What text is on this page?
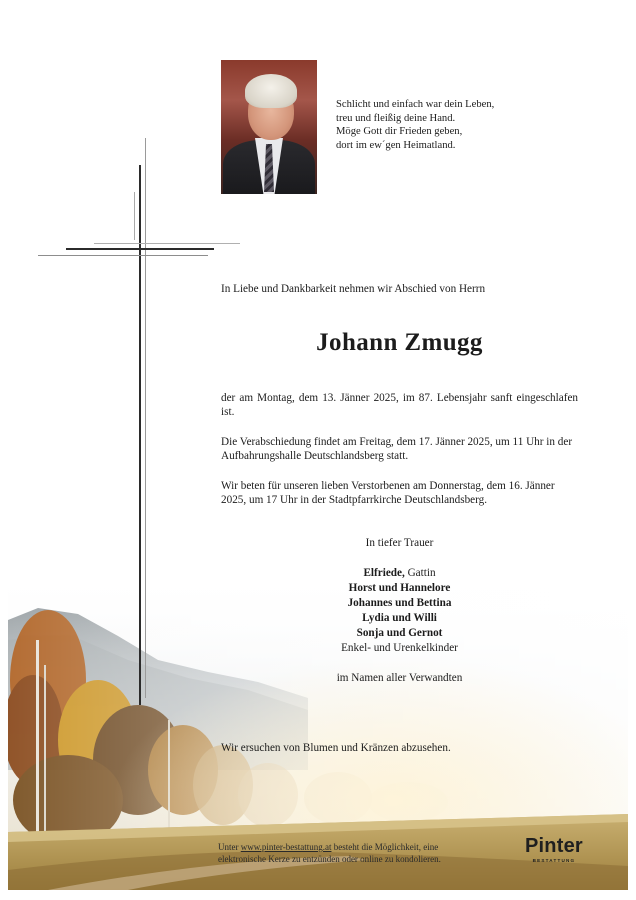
Schlicht und einfach war dein Leben,
treu und fleißig deine Hand.
Möge Gott dir Frieden geben,
dort im ew´gen Heimatland.
In Liebe und Dankbarkeit nehmen wir Abschied von Herrn
Johann Zmugg
der am Montag, dem 13. Jänner 2025, im 87. Lebensjahr sanft eingeschlafen ist.
Die Verabschiedung findet am Freitag, dem 17. Jänner 2025, um 11 Uhr in der Aufbahrungshalle Deutschlandsberg statt.
Wir beten für unseren lieben Verstorbenen am Donnerstag, dem 16. Jänner 2025, um 17 Uhr in der Stadtpfarrkirche Deutschlandsberg.
In tiefer Trauer
Elfriede, Gattin
Horst und Hannelore
Johannes und Bettina
Lydia und Willi
Sonja und Gernot
Enkel- und Urenkelkinder
im Namen aller Verwandten
Wir ersuchen von Blumen und Kränzen abzusehen.
Unter www.pinter-bestattung.at besteht die Möglichkeit, eine
elektronische Kerze zu entzünden oder online zu kondolieren.
Pinter
BESTATTUNG
